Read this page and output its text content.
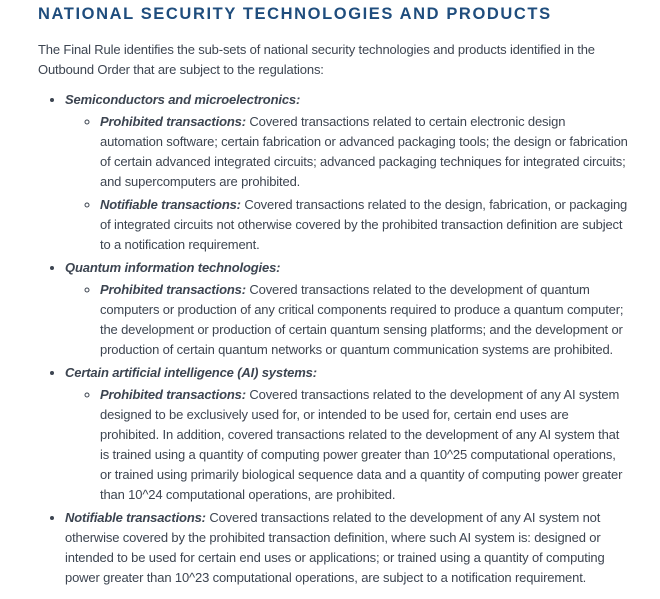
NATIONAL SECURITY TECHNOLOGIES AND PRODUCTS

The Final Rule identifies the sub-sets of national security technologies and products identified in the Outbound Order that are subject to the regulations:

• Semiconductors and microelectronics:
◦ Prohibited transactions: Covered transactions related to certain electronic design automation software; certain fabrication or advanced packaging tools; the design or fabrication of certain advanced integrated circuits; advanced packaging techniques for integrated circuits; and supercomputers are prohibited.
◦ Notifiable transactions: Covered transactions related to the design, fabrication, or packaging of integrated circuits not otherwise covered by the prohibited transaction definition are subject to a notification requirement.
• Quantum information technologies:
◦ Prohibited transactions: Covered transactions related to the development of quantum computers or production of any critical components required to produce a quantum computer; the development or production of certain quantum sensing platforms; and the development or production of certain quantum networks or quantum communication systems are prohibited.
• Certain artificial intelligence (AI) systems:
◦ Prohibited transactions: Covered transactions related to the development of any AI system designed to be exclusively used for, or intended to be used for, certain end uses are prohibited. In addition, covered transactions related to the development of any AI system that is trained using a quantity of computing power greater than 10^25 computational operations, or trained using primarily biological sequence data and a quantity of computing power greater than 10^24 computational operations, are prohibited.
• Notifiable transactions: Covered transactions related to the development of any AI system not otherwise covered by the prohibited transaction definition, where such AI system is: designed or intended to be used for certain end uses or applications; or trained using a quantity of computing power greater than 10^23 computational operations, are subject to a notification requirement.
